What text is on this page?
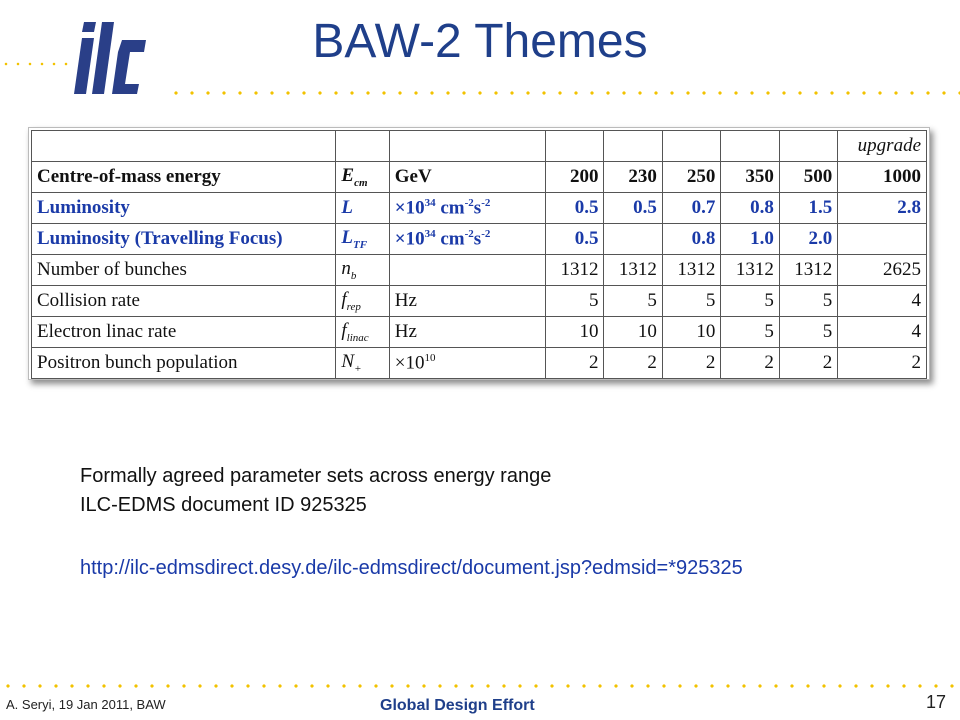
BAW-2 Themes
								upgrade
Centre-of-mass energy	$E_{cm}$	GeV	200	230	250	350	500	1000
Luminosity	L	$\times 10^{34}$ $cm^{-2}s^{-2}$	0.5	0.5	0.7	0.8	1.5	2.8
Luminosity (Travelling Focus)	$L_{TF}$	$\times 10^{34}$ $cm^{-2}s^{-2}$	0.5		0.8	1.0	2.0	
Number of bunches	$n_b$		1312	1312	1312	1312	1312	2625
Collision rate	$f_{rep}$	Hz	5	5	5	5	5	4
Electron linac rate	$f_{linac}$	Hz	10	10	10	5	5	4
Positron bunch population	$N_+$	$\times 10^{10}$	2	2	2	2	2	2
Formally agreed parameter sets across energy range
ILC-EDMS document ID 925325
http://ilc-edmsdirect.desy.de/ilc-edmsdirect/document.jsp?edmsid=*925325
A. Seryi, 19 Jan 2011, BAW	Global Design Effort	17
